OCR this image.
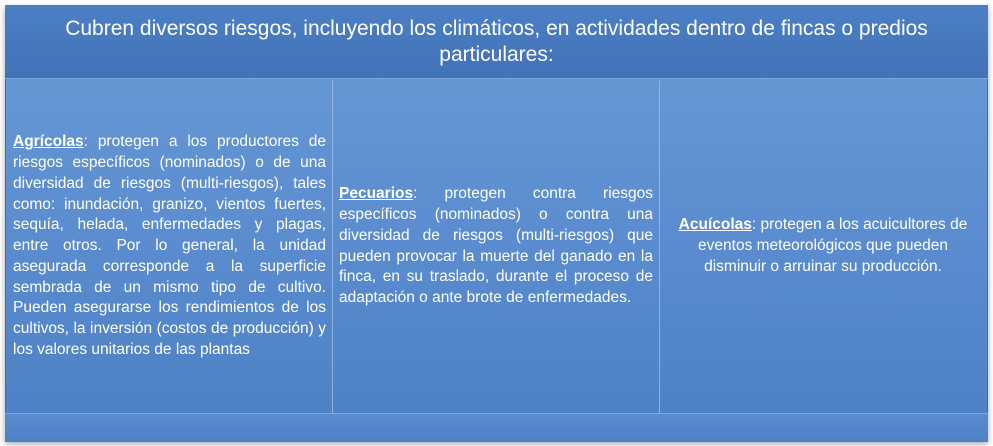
Cubren diversos riesgos, incluyendo los climáticos, en actividades dentro de fincas o predios particulares:

Agrícolas: protegen a los productores de riesgos específicos (nominados) o de una diversidad de riesgos (multi-riesgos), tales como: inundación, granizo, vientos fuertes, sequía, helada, enfermedades y plagas, entre otros. Por lo general, la unidad asegurada corresponde a la superficie sembrada de un mismo tipo de cultivo. Pueden asegurarse los rendimientos de los cultivos, la inversión (costos de producción) y los valores unitarios de las plantas

Pecuarios: protegen contra riesgos específicos (nominados) o contra una diversidad de riesgos (multi-riesgos) que pueden provocar la muerte del ganado en la finca, en su traslado, durante el proceso de adaptación o ante brote de enfermedades.

Acuícolas: protegen a los acuicultores de eventos meteorológicos que pueden disminuir o arruinar su producción.
